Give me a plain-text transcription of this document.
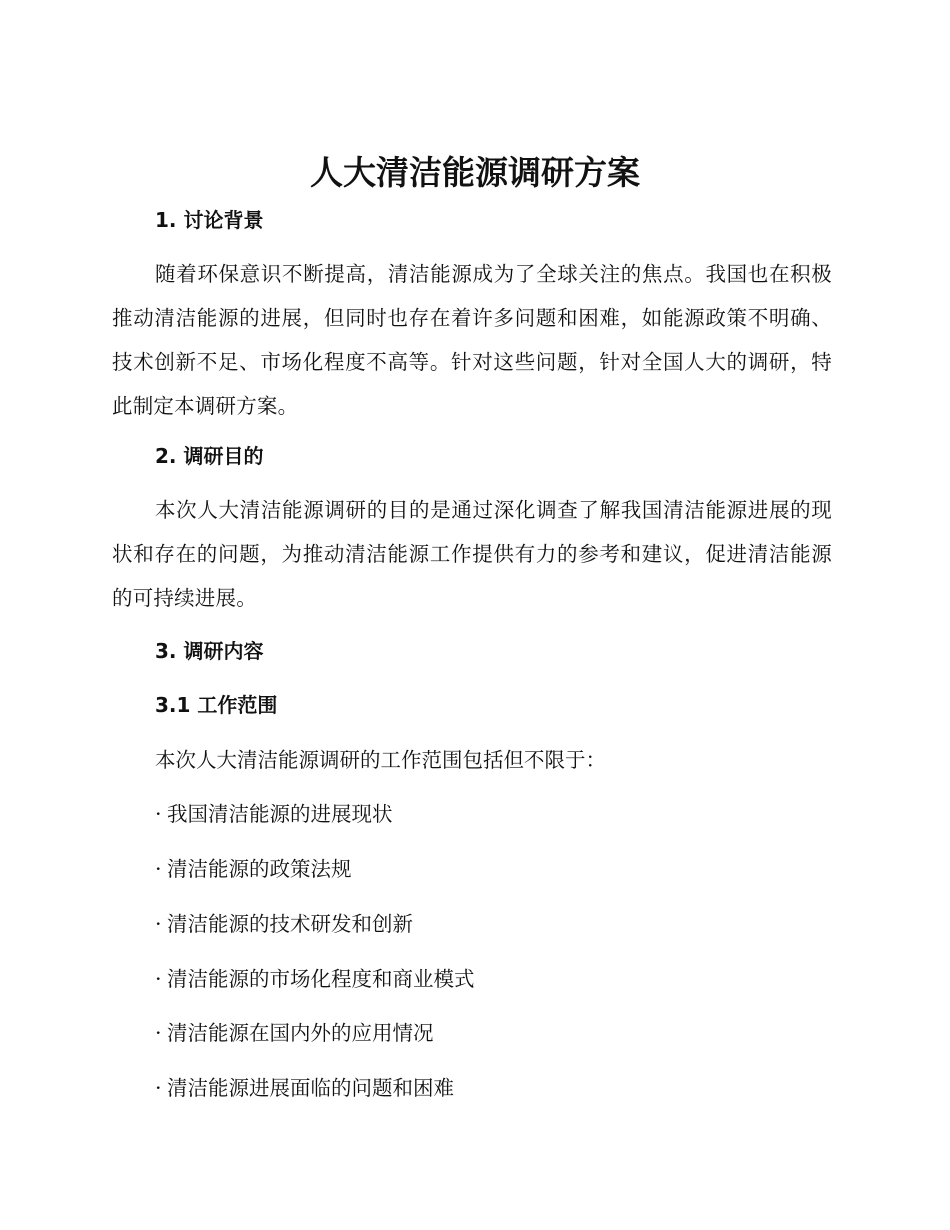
人大清洁能源调研方案
1. 讨论背景

随着环保意识不断提高，清洁能源成为了全球关注的焦点。我国也在积极推动清洁能源的进展，但同时也存在着许多问题和困难，如能源政策不明确、技术创新不足、市场化程度不高等。针对这些问题，针对全国人大的调研，特此制定本调研方案。

2. 调研目的

本次人大清洁能源调研的目的是通过深化调查了解我国清洁能源进展的现状和存在的问题，为推动清洁能源工作提供有力的参考和建议，促进清洁能源的可持续进展。

3. 调研内容
3.1 工作范围

本次人大清洁能源调研的工作范围包括但不限于：

· 我国清洁能源的进展现状

· 清洁能源的政策法规

· 清洁能源的技术研发和创新

· 清洁能源的市场化程度和商业模式

· 清洁能源在国内外的应用情况

· 清洁能源进展面临的问题和困难
